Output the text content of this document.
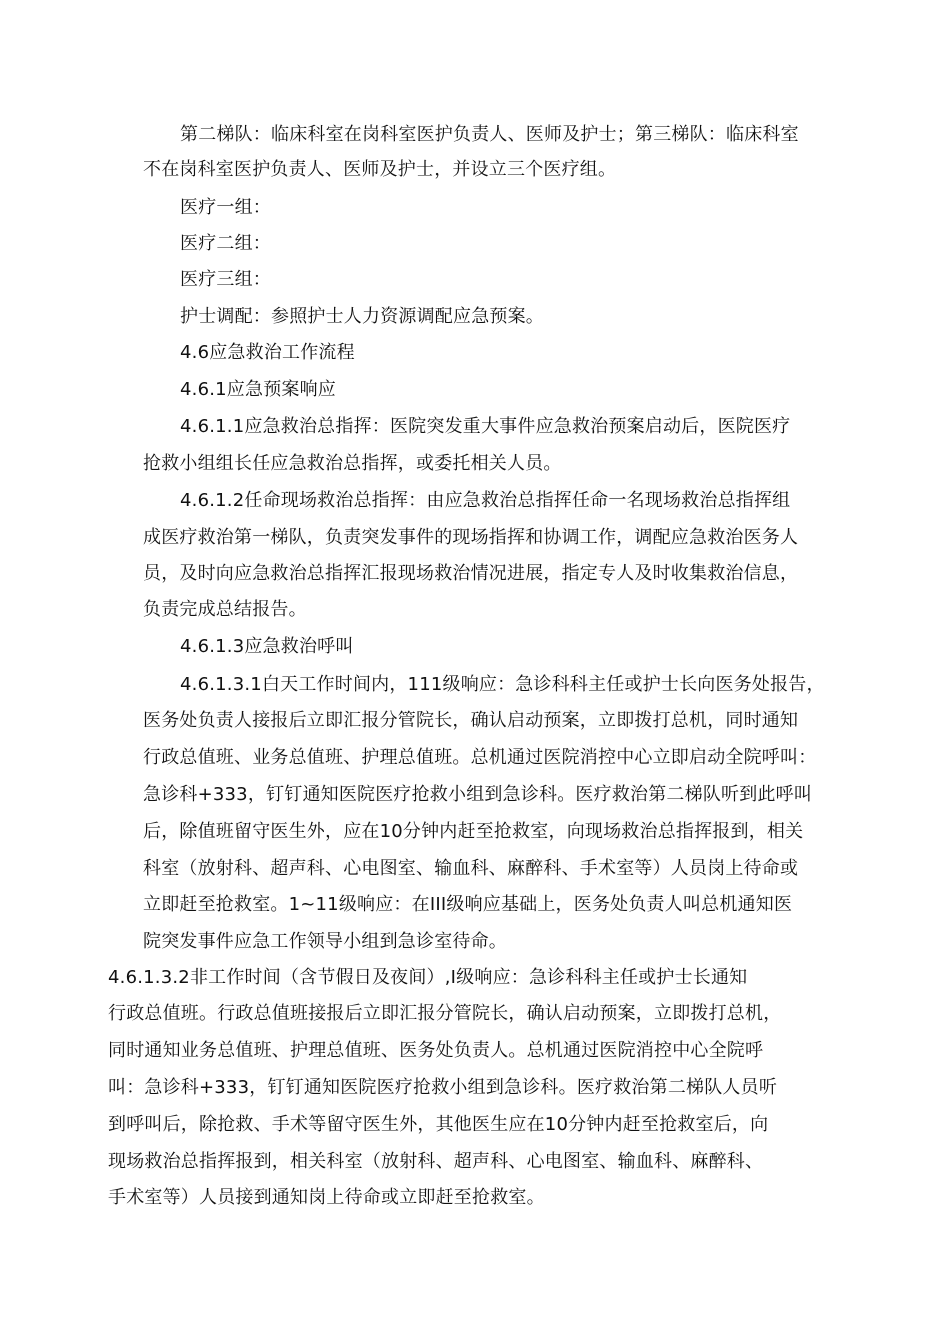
第二梯队：临床科室在岗科室医护负责人、医师及护士；第三梯队：临床科室
不在岗科室医护负责人、医师及护士，并设立三个医疗组。
医疗一组：
医疗二组：
医疗三组：
护士调配：参照护士人力资源调配应急预案。
4.6应急救治工作流程
4.6.1应急预案响应
4.6.1.1应急救治总指挥：医院突发重大事件应急救治预案启动后，医院医疗
抢救小组组长任应急救治总指挥，或委托相关人员。
4.6.1.2任命现场救治总指挥：由应急救治总指挥任命一名现场救治总指挥组
成医疗救治第一梯队，负责突发事件的现场指挥和协调工作，调配应急救治医务人
员，及时向应急救治总指挥汇报现场救治情况进展，指定专人及时收集救治信息，
负责完成总结报告。
4.6.1.3应急救治呼叫
4.6.1.3.1白天工作时间内，111级响应：急诊科科主任或护士长向医务处报告，
医务处负责人接报后立即汇报分管院长，确认启动预案，立即拨打总机，同时通知
行政总值班、业务总值班、护理总值班。总机通过医院消控中心立即启动全院呼叫：
急诊科+333，钉钉通知医院医疗抢救小组到急诊科。医疗救治第二梯队听到此呼叫
后，除值班留守医生外，应在10分钟内赶至抢救室，向现场救治总指挥报到，相关
科室（放射科、超声科、心电图室、输血科、麻醉科、手术室等）人员岗上待命或
立即赶至抢救室。1~11级响应：在III级响应基础上，医务处负责人叫总机通知医
院突发事件应急工作领导小组到急诊室待命。
4.6.1.3.2非工作时间（含节假日及夜间）,I级响应：急诊科科主任或护士长通知
行政总值班。行政总值班接报后立即汇报分管院长，确认启动预案，立即拨打总机，
同时通知业务总值班、护理总值班、医务处负责人。总机通过医院消控中心全院呼
叫：急诊科+333，钉钉通知医院医疗抢救小组到急诊科。医疗救治第二梯队人员听
到呼叫后，除抢救、手术等留守医生外，其他医生应在10分钟内赶至抢救室后，向
现场救治总指挥报到，相关科室（放射科、超声科、心电图室、输血科、麻醉科、
手术室等）人员接到通知岗上待命或立即赶至抢救室。
